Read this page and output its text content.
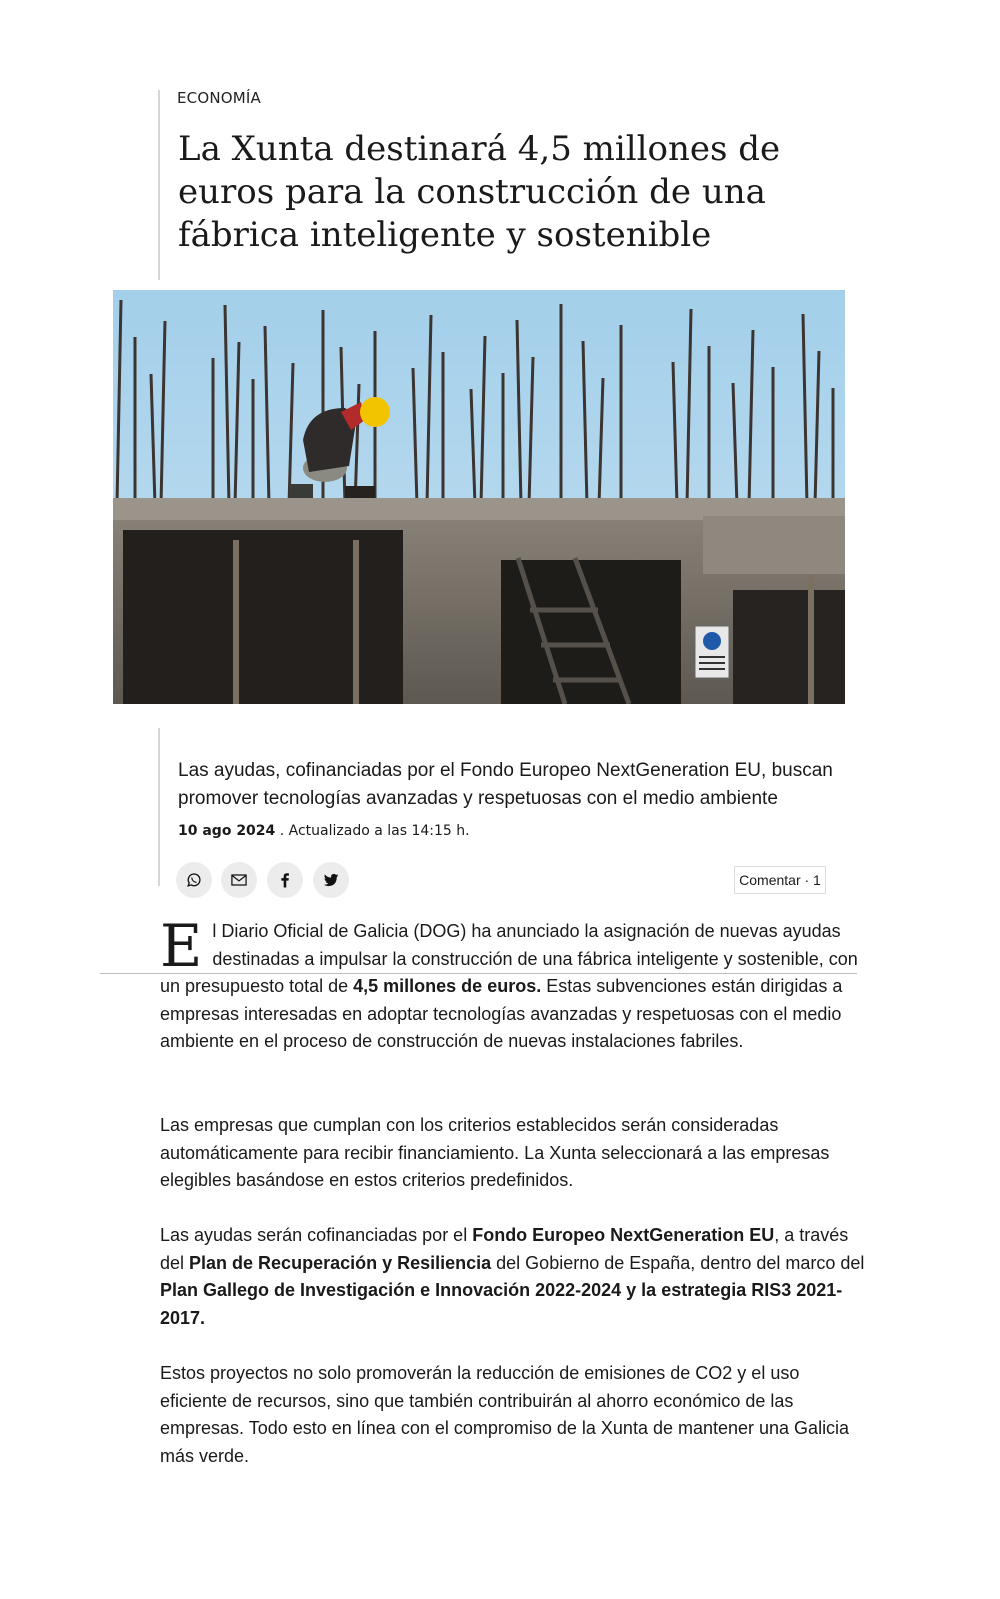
ECONOMÍA
La Xunta destinará 4,5 millones de euros para la construcción de una fábrica inteligente y sostenible

Las ayudas, cofinanciadas por el Fondo Europeo NextGeneration EU, buscan promover tecnologías avanzadas y respetuosas con el medio ambiente

10 ago 2024 . Actualizado a las 14:15 h.
Comentar · 1

El Diario Oficial de Galicia (DOG) ha anunciado la asignación de nuevas ayudas destinadas a impulsar la construcción de una fábrica inteligente y sostenible, con un presupuesto total de 4,5 millones de euros. Estas subvenciones están dirigidas a empresas interesadas en adoptar tecnologías avanzadas y respetuosas con el medio ambiente en el proceso de construcción de nuevas instalaciones fabriles.

Las empresas que cumplan con los criterios establecidos serán consideradas automáticamente para recibir financiamiento. La Xunta seleccionará a las empresas elegibles basándose en estos criterios predefinidos.

Las ayudas serán cofinanciadas por el Fondo Europeo NextGeneration EU, a través del Plan de Recuperación y Resiliencia del Gobierno de España, dentro del marco del Plan Gallego de Investigación e Innovación 2022-2024 y la estrategia RIS3 2021-2017.

Estos proyectos no solo promoverán la reducción de emisiones de CO2 y el uso eficiente de recursos, sino que también contribuirán al ahorro económico de las empresas. Todo esto en línea con el compromiso de la Xunta de mantener una Galicia más verde.
